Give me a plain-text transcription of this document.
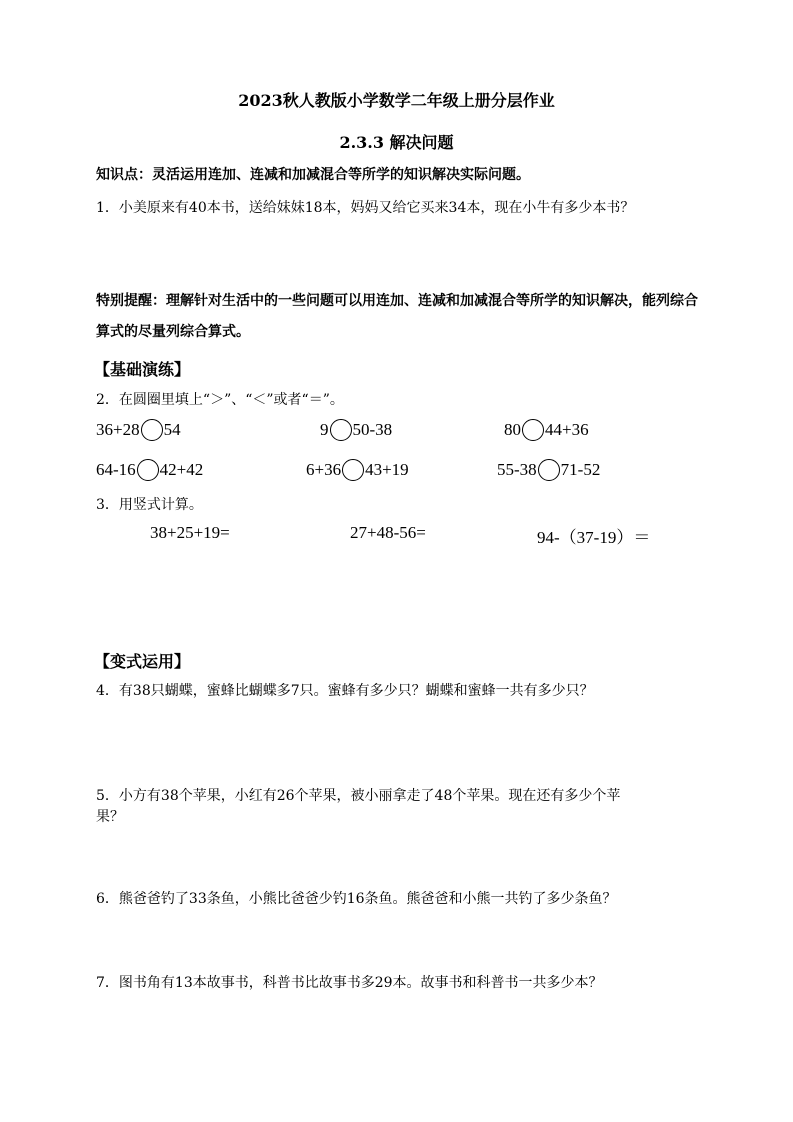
2023秋人教版小学数学二年级上册分层作业
2.3.3 解决问题
知识点：灵活运用连加、连减和加减混合等所学的知识解决实际问题。
1．小美原来有40本书，送给妹妹18本，妈妈又给它买来34本，现在小牛有多少本书？
特别提醒：理解针对生活中的一些问题可以用连加、连减和加减混合等所学的知识解决，能列综合
算式的尽量列综合算式。
【基础演练】
2．在圆圈里填上“＞”、“＜”或者“＝”。
36+28 54	9 50-38	80 44+36
64-16 42+42	6+36 43+19	55-38 71-52
3．用竖式计算。
38+25+19=	27+48-56=	94-（37-19）＝
【变式运用】
4．有38只蝴蝶，蜜蜂比蝴蝶多7只。蜜蜂有多少只？蝴蝶和蜜蜂一共有多少只？
5．小方有38个苹果，小红有26个苹果，被小丽拿走了48个苹果。现在还有多少个苹
果？
6．熊爸爸钓了33条鱼，小熊比爸爸少钓16条鱼。熊爸爸和小熊一共钓了多少条鱼？
7．图书角有13本故事书，科普书比故事书多29本。故事书和科普书一共多少本？
